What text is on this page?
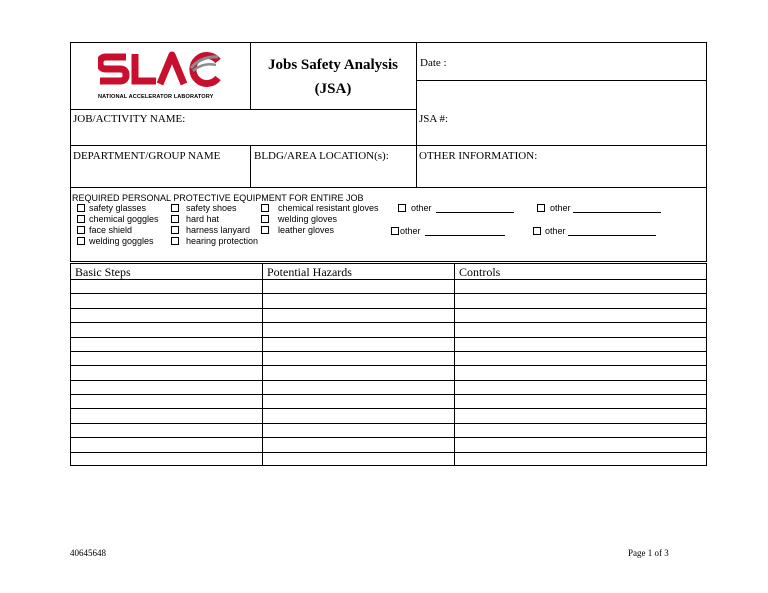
NATIONAL ACCELERATOR LABORATORY
Jobs Safety Analysis
(JSA)
Date :
JOB/ACTIVITY NAME:	JSA #:
DEPARTMENT/GROUP NAME	BLDG/AREA LOCATION(s):	OTHER INFORMATION:
REQUIRED PERSONAL PROTECTIVE EQUIPMENT FOR ENTIRE JOB
safety glasses
chemical goggles
face shield
welding goggles
safety shoes
hard hat
harness lanyard
hearing protection
chemical resistant gloves
welding gloves
leather gloves
other	other
other	other
Basic Steps	Potential Hazards	Controls
40645648	Page 1 of 3
